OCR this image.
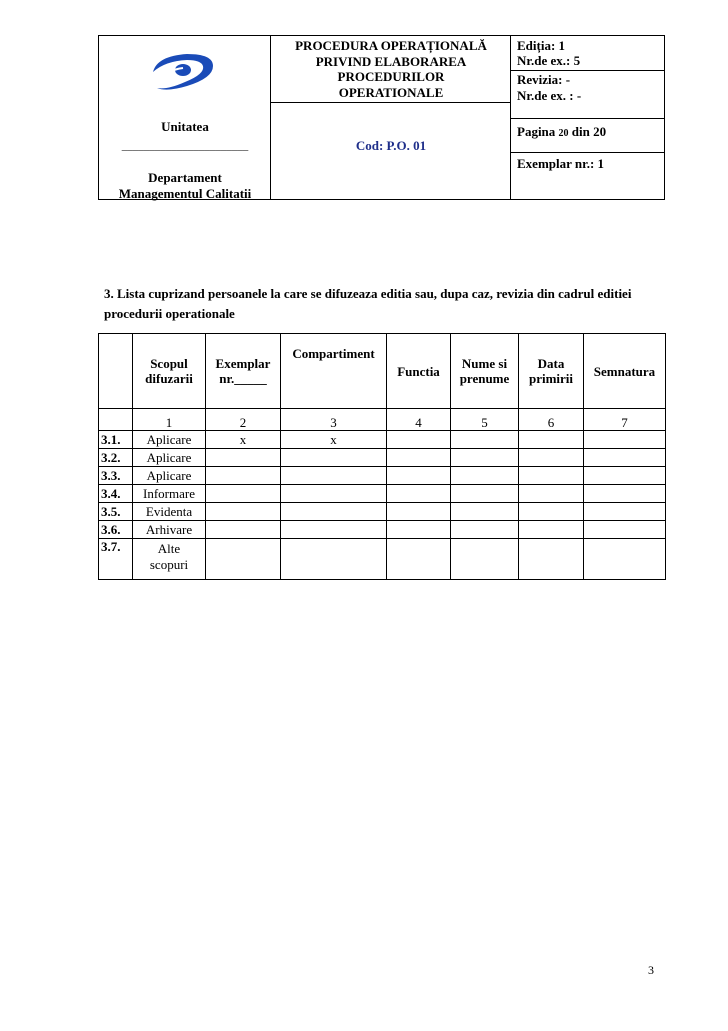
Unitatea
_______________________
Departament
Managementul Calitatii
PROCEDURA OPERAȚIONALĂ
PRIVIND ELABORAREA
PROCEDURILOR
OPERATIONALE
Cod: P.O. 01
Ediția: 1
Nr.de ex.: 5
Revizia: -
Nr.de ex. : -
Pagina 20 din 20
Exemplar nr.: 1
3. Lista cuprizand persoanele la care se difuzeaza editia sau, dupa caz, revizia din cadrul editiei procedurii operationale
	Scopul difuzarii	Exemplar nr._____	Compartiment	Functia	Nume si prenume	Data primirii	Semnatura
	1	2	3	4	5	6	7
3.1.	Aplicare	x	x				
3.2.	Aplicare						
3.3.	Aplicare						
3.4.	Informare						
3.5.	Evidenta						
3.6.	Arhivare						
3.7.	Alte scopuri						
3
